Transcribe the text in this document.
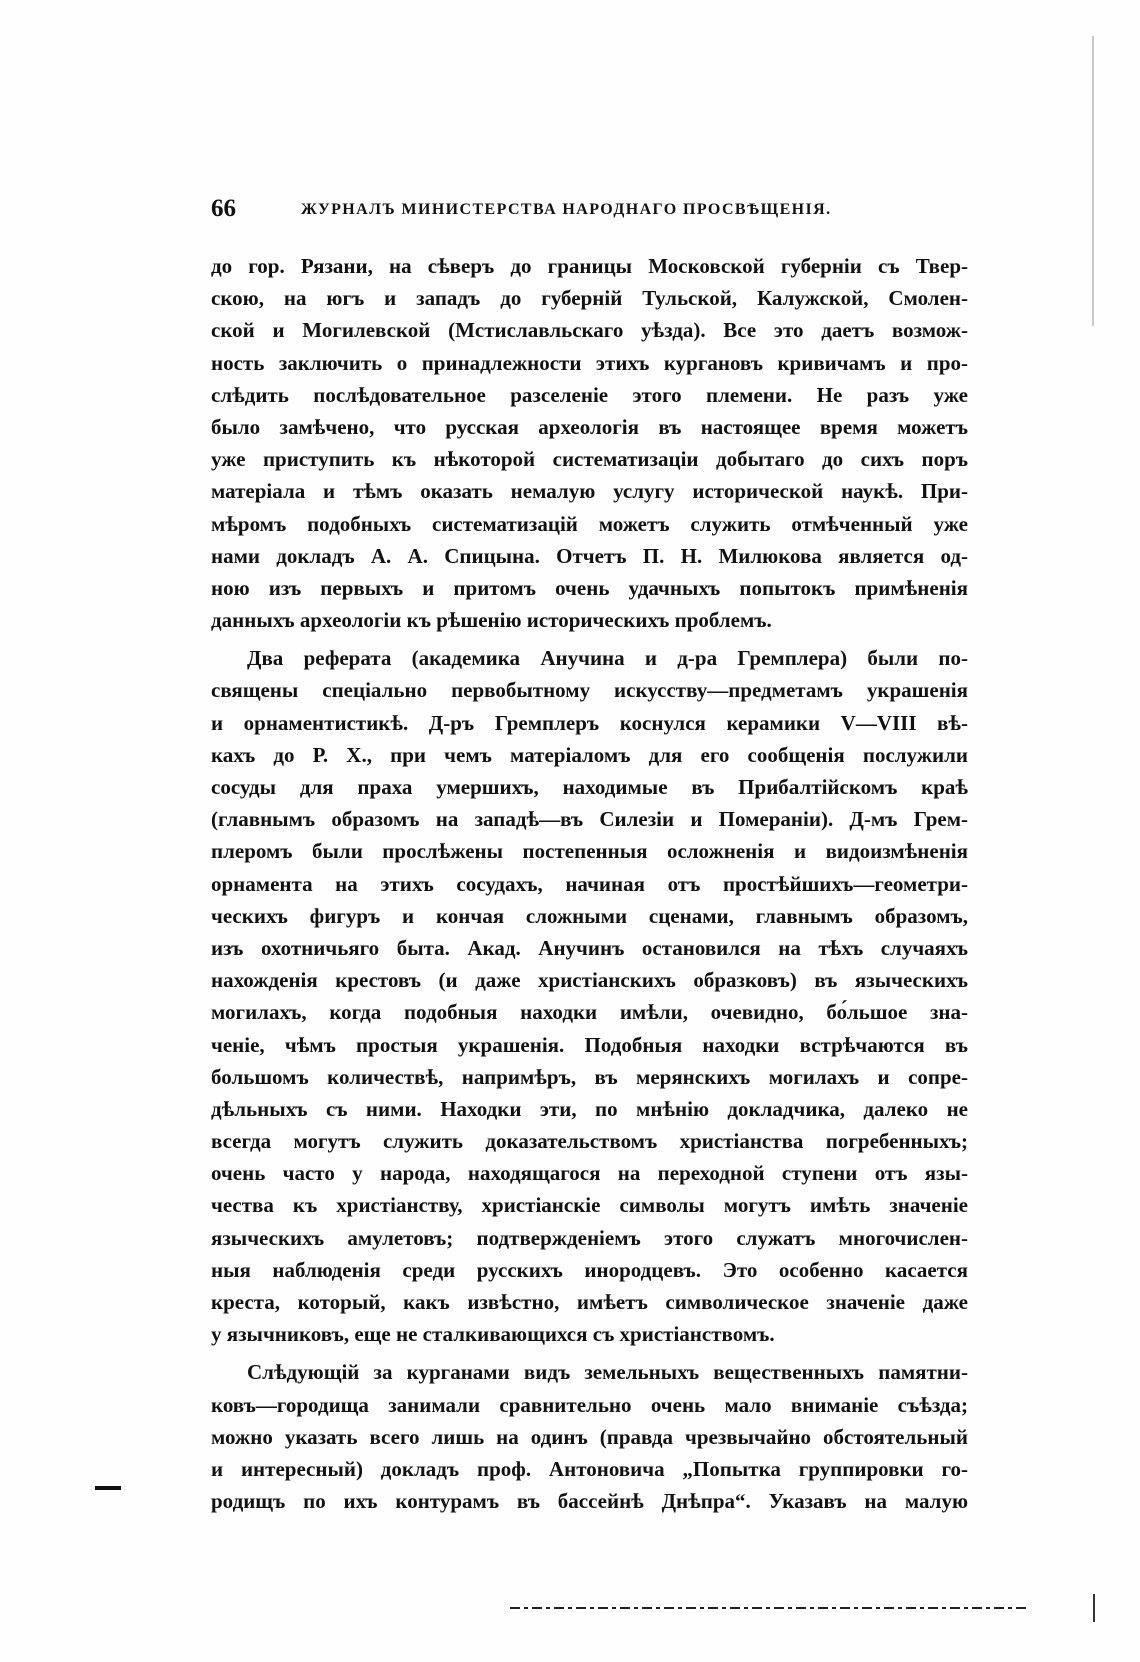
66	ЖУРНАЛЪ МИНИСТЕРСТВА НАРОДНАГО ПРОСВѢЩЕНІЯ.
до гор. Рязани, на сѣверъ до границы Московской губерніи съ Твер-
скою, на югъ и западъ до губерній Тульской, Калужской, Смолен-
ской и Могилевской (Мстиславльскаго уѣзда). Все это даетъ возмож-
ность заключить о принадлежности этихъ кургановъ кривичамъ и про-
слѣдить послѣдовательное разселеніе этого племени. Не разъ уже
было замѣчено, что русская археологія въ настоящее время можетъ
уже приступить къ нѣкоторой систематизаціи добытаго до сихъ поръ
матеріала и тѣмъ оказать немалую услугу исторической наукѣ. При-
мѣромъ подобныхъ систематизацій можетъ служить отмѣченный уже
нами докладъ А. А. Спицына. Отчетъ П. Н. Милюкова является од-
ною изъ первыхъ и притомъ очень удачныхъ попытокъ примѣненія
данныхъ археологіи къ рѣшенію историческихъ проблемъ.
Два реферата (академика Анучина и д-ра Гремплера) были по-
священы спеціально первобытному искусству—предметамъ украшенія
и орнаментистикѣ. Д-ръ Гремплеръ коснулся керамики V—VIII вѣ-
кахъ до Р. Х., при чемъ матеріаломъ для его сообщенія послужили
сосуды для праха умершихъ, находимые въ Прибалтійскомъ краѣ
(главнымъ образомъ на западѣ—въ Силезіи и Помераніи). Д-мъ Грем-
плеромъ были прослѣжены постепенныя осложненія и видоизмѣненія
орнамента на этихъ сосудахъ, начиная отъ простѣйшихъ—геометри-
ческихъ фигуръ и кончая сложными сценами, главнымъ образомъ,
изъ охотничьяго быта. Акад. Анучинъ остановился на тѣхъ случаяхъ
нахожденія крестовъ (и даже христіанскихъ образковъ) въ языческихъ
могилахъ, когда подобныя находки имѣли, очевидно, бо́льшое зна-
ченіе, чѣмъ простыя украшенія. Подобныя находки встрѣчаются въ
большомъ количествѣ, напримѣръ, въ мерянскихъ могилахъ и сопре-
дѣльныхъ съ ними. Находки эти, по мнѣнію докладчика, далеко не
всегда могутъ служить доказательствомъ христіанства погребенныхъ;
очень часто у народа, находящагося на переходной ступени отъ язы-
чества къ христіанству, христіанскіе символы могутъ имѣть значеніе
языческихъ амулетовъ; подтвержденіемъ этого служатъ многочислен-
ныя наблюденія среди русскихъ инородцевъ. Это особенно касается
креста, который, какъ извѣстно, имѣетъ символическое значеніе даже
у язычниковъ, еще не сталкивающихся съ христіанствомъ.
Слѣдующій за курганами видъ земельныхъ вещественныхъ памятни-
ковъ—городища занимали сравнительно очень мало вниманіе съѣзда;
можно указать всего лишь на одинъ (правда чрезвычайно обстоятельный
и интересный) докладъ проф. Антоновича „Попытка группировки го-
родищъ по ихъ контурамъ въ бассейнѣ Днѣпра“. Указавъ на малую
